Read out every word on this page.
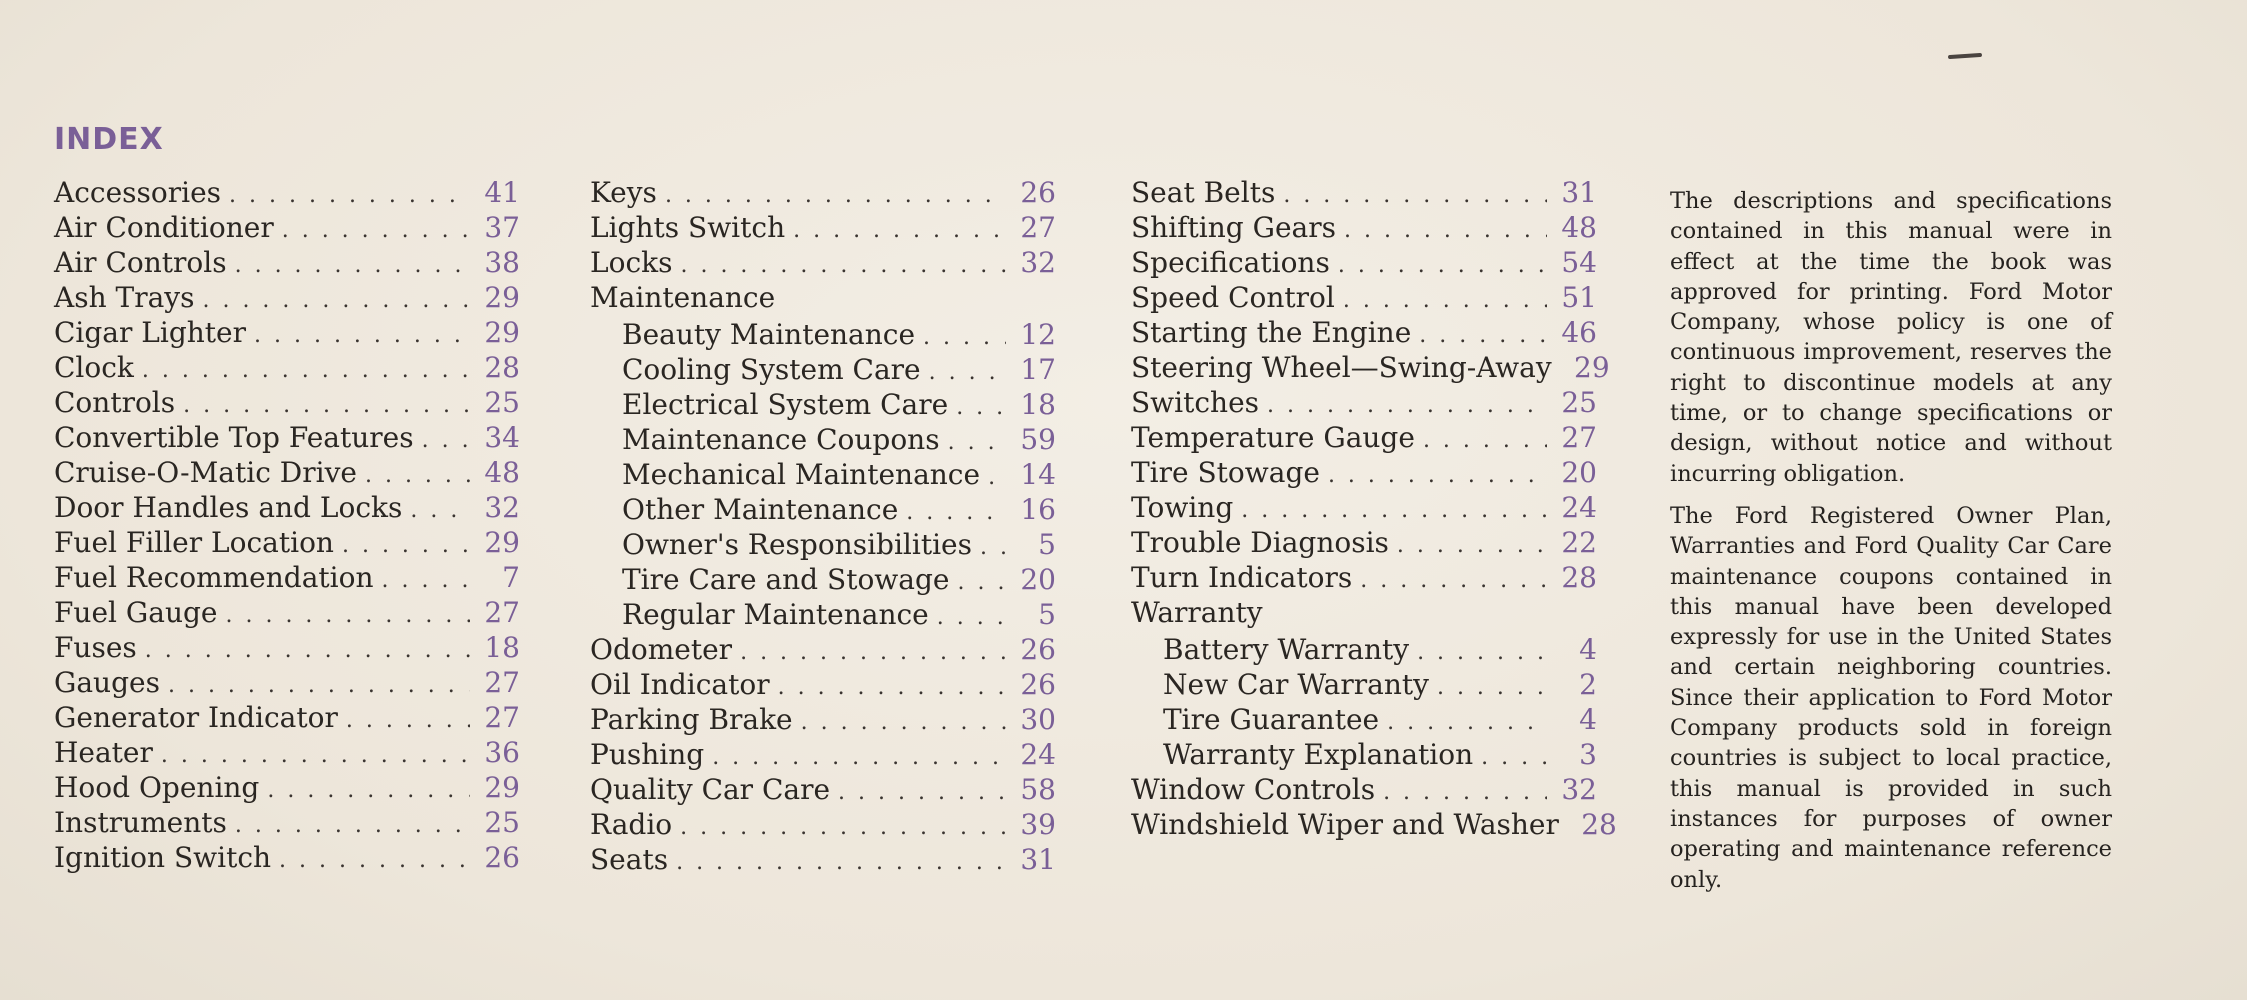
INDEX
Accessories . . .	41
Air Conditioner . . .	37
Air Controls . . .	38
Ash Trays . . .	29
Cigar Lighter . . .	29
Clock . . .	28
Controls . . .	25
Convertible Top Features . . .	34
Cruise-O-Matic Drive . . .	48
Door Handles and Locks . . .	32
Fuel Filler Location . . .	29
Fuel Recommendation . . .	7
Fuel Gauge . . .	27
Fuses . . .	18
Gauges . . .	27
Generator Indicator . . .	27
Heater . . .	36
Hood Opening . . .	29
Instruments . . .	25
Ignition Switch . . .	26
Keys . . .	26
Lights Switch . . .	27
Locks . . .	32
Maintenance
Beauty Maintenance . . .	12
Cooling System Care . . .	17
Electrical System Care . . .	18
Maintenance Coupons . . .	59
Mechanical Maintenance . . . 14
Other Maintenance . . .	16
Owner's Responsibilities . . .	5
Tire Care and Stowage . . .	20
Regular Maintenance . . .	5
Odometer . . .	26
Oil Indicator . . .	26
Parking Brake . . .	30
Pushing . . .	24
Quality Car Care . . .	58
Radio . . .	39
Seats . . .	31
Seat Belts . . .	31
Shifting Gears . . .	48
Specifications . . .	54
Speed Control . . .	51
Starting the Engine . . .	46
Steering Wheel—Swing-Away 29
Switches . . .	25
Temperature Gauge . . .	27
Tire Stowage . . .	20
Towing . . .	24
Trouble Diagnosis . . .	22
Turn Indicators . . .	28
Warranty
Battery Warranty . . .	4
New Car Warranty . . .	2
Tire Guarantee . . .	4
Warranty Explanation . . .	3
Window Controls . . .	32
Windshield Wiper and Washer 28

The descriptions and specifications contained in this manual were in effect at the time the book was approved for printing. Ford Motor Company, whose policy is one of continuous improvement, reserves the right to discontinue models at any time, or to change specifications or design, without notice and without incurring obligation.

The Ford Registered Owner Plan, Warranties and Ford Quality Car Care maintenance coupons contained in this manual have been developed expressly for use in the United States and certain neighboring countries. Since their application to Ford Motor Company products sold in foreign countries is subject to local practice, this manual is provided in such instances for purposes of owner operating and maintenance reference only.
